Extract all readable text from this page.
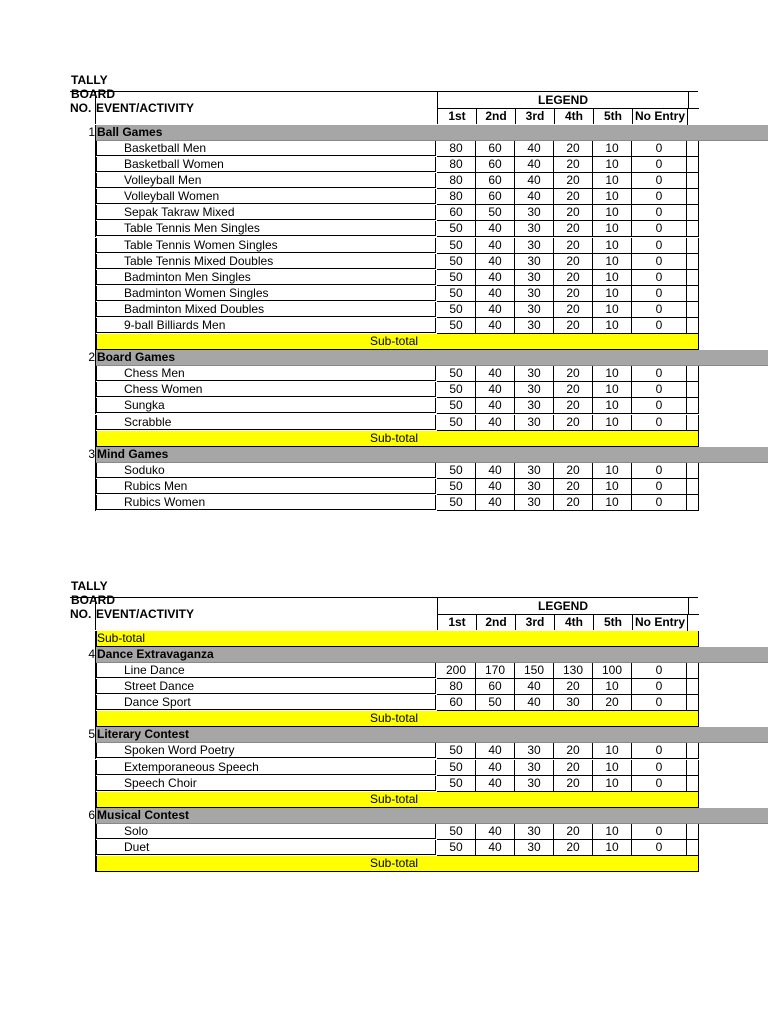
TALLY BOARD
NO. EVENT/ACTIVITY
LEGEND
1st	2nd	3rd	4th	5th	No Entry
1 Ball Games
Basketball Men	80	60	40	20	10	0
Basketball Women	80	60	40	20	10	0
Volleyball Men	80	60	40	20	10	0
Volleyball Women	80	60	40	20	10	0
Sepak Takraw Mixed	60	50	30	20	10	0
Table Tennis Men Singles	50	40	30	20	10	0
Table Tennis Women Singles	50	40	30	20	10	0
Table Tennis Mixed Doubles	50	40	30	20	10	0
Badminton Men Singles	50	40	30	20	10	0
Badminton Women Singles	50	40	30	20	10	0
Badminton Mixed Doubles	50	40	30	20	10	0
9-ball Billiards Men	50	40	30	20	10	0
Sub-total
2 Board Games
Chess Men	50	40	30	20	10	0
Chess Women	50	40	30	20	10	0
Sungka	50	40	30	20	10	0
Scrabble	50	40	30	20	10	0
Sub-total
3 Mind Games
Soduko	50	40	30	20	10	0
Rubics Men	50	40	30	20	10	0
Rubics Women	50	40	30	20	10	0
TALLY BOARD
NO. EVENT/ACTIVITY
LEGEND
1st	2nd	3rd	4th	5th	No Entry
Sub-total
4 Dance Extravaganza
Line Dance	200	170	150	130	100	0
Street Dance	80	60	40	20	10	0
Dance Sport	60	50	40	30	20	0
Sub-total
5 Literary Contest
Spoken Word Poetry	50	40	30	20	10	0
Extemporaneous Speech	50	40	30	20	10	0
Speech Choir	50	40	30	20	10	0
Sub-total
6 Musical Contest
Solo	50	40	30	20	10	0
Duet	50	40	30	20	10	0
Sub-total
